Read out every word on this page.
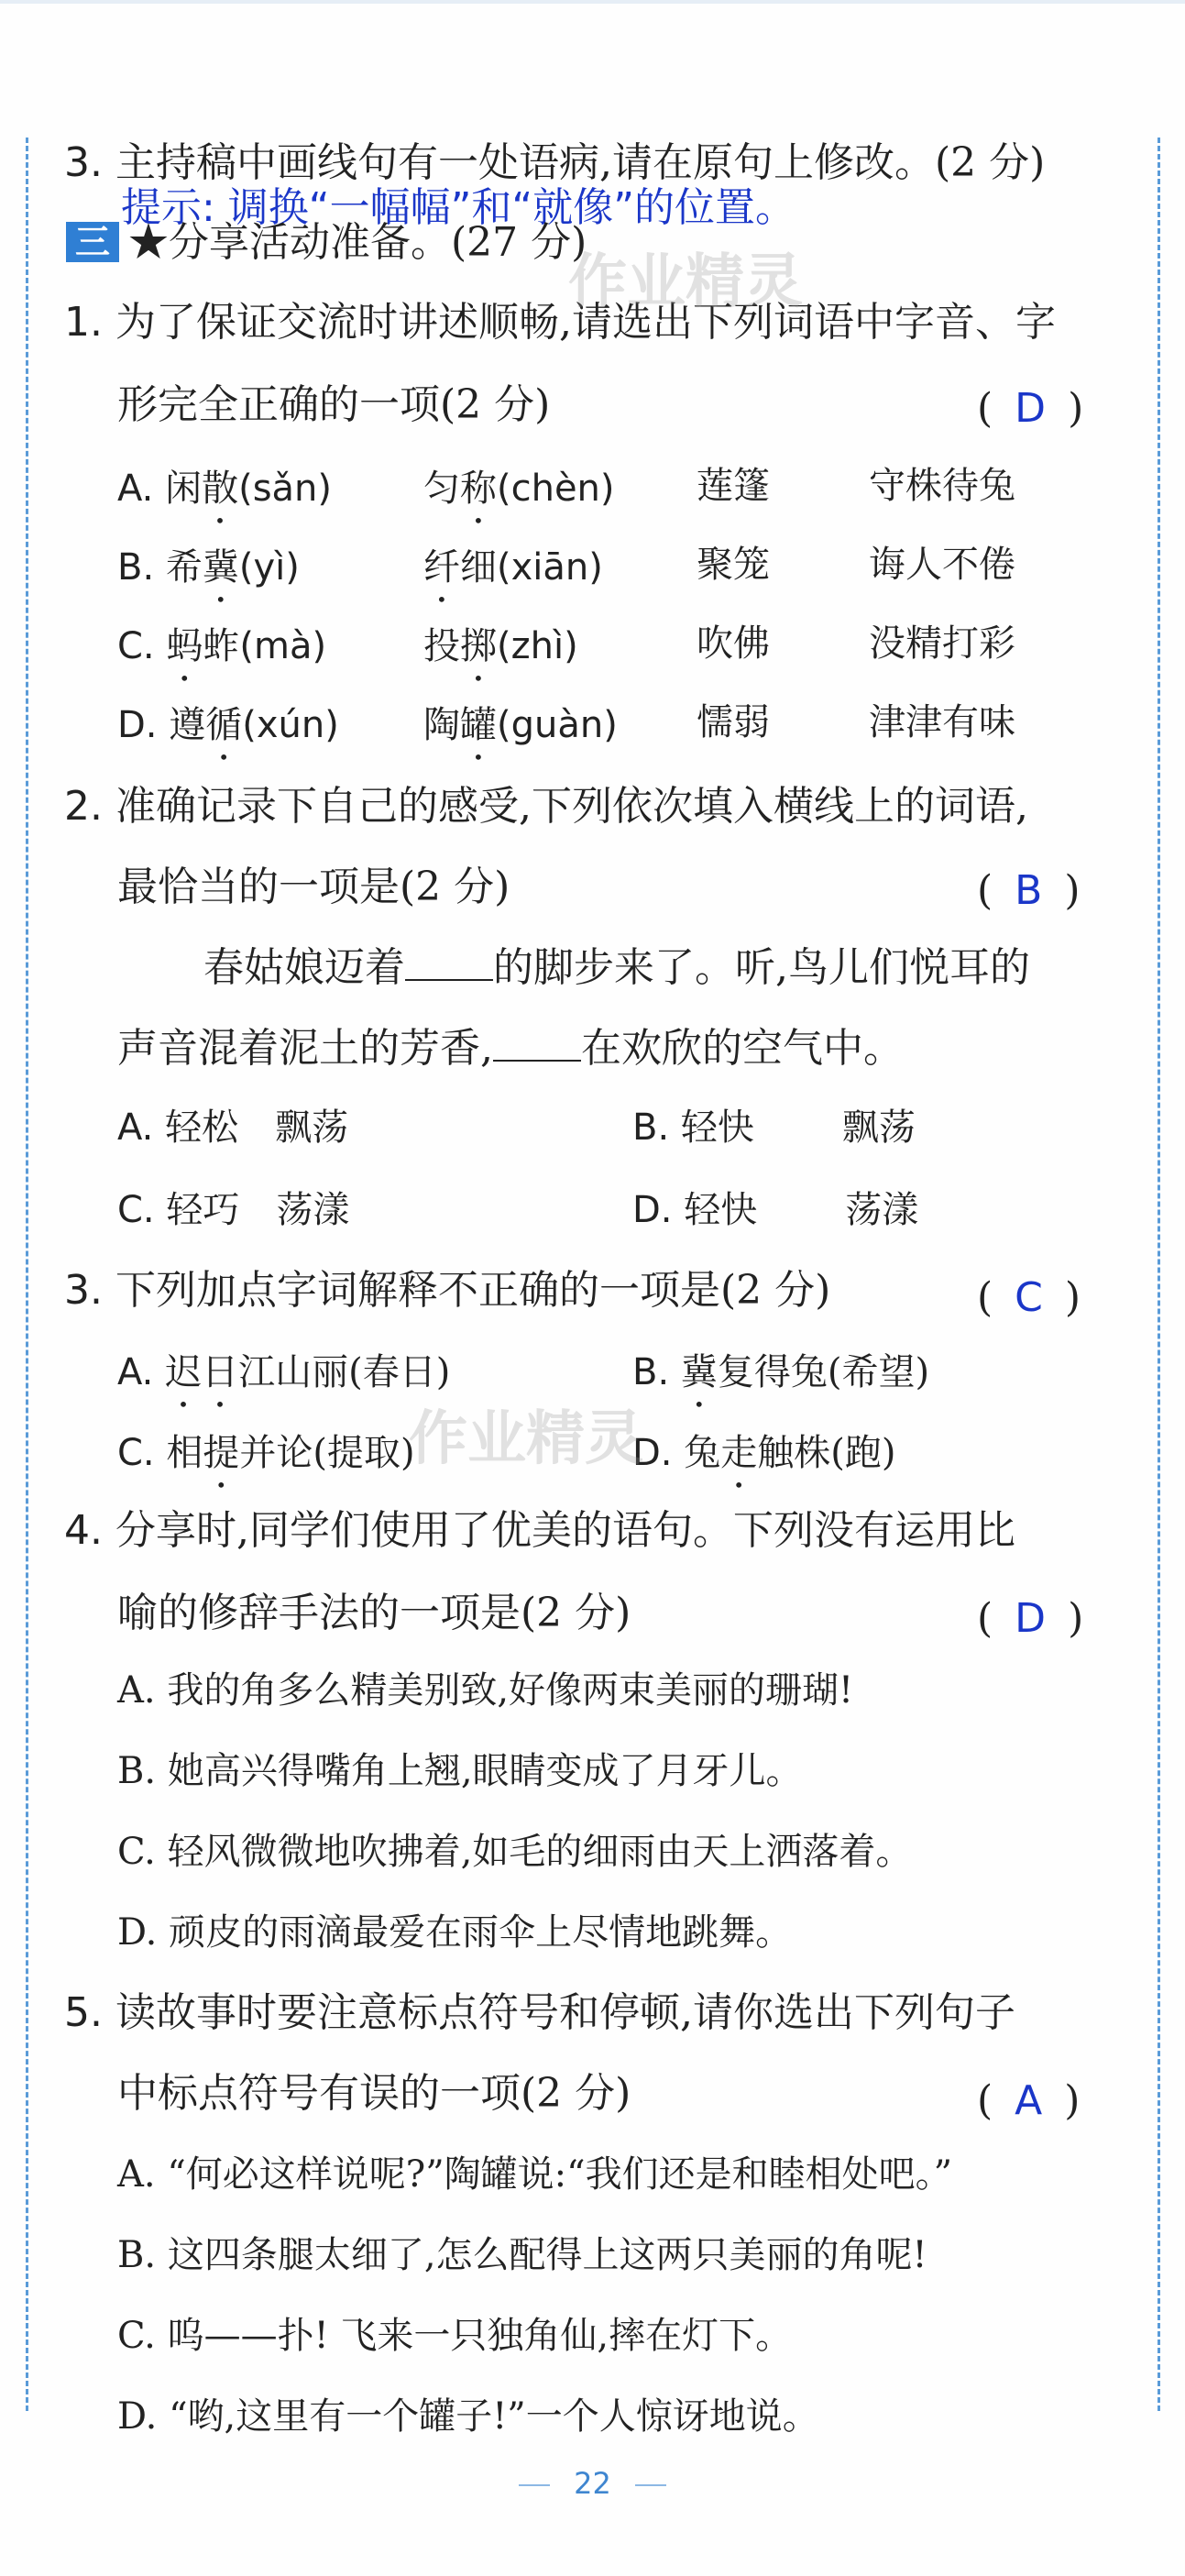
3. 主持稿中画线句有一处语病,请在原句上修改。(2 分)
提示: 调换“一幅幅”和“就像”的位置。
三 ★分享活动准备。(27 分)
1. 为了保证交流时讲述顺畅,请选出下列词语中字音、字
形完全正确的一项(2 分)	( D )
A. 闲散(sǎn) 匀称(chèn) 莲篷	守株待兔
B. 希冀(yì)	纤细(xiān)	聚笼	诲人不倦
C. 蚂蚱(mà)	投掷(zhì)	吹佛	没精打彩
D. 遵循(xún) 陶罐(guàn) 懦弱	津津有味
2. 准确记录下自己的感受,下列依次填入横线上的词语,
最恰当的一项是(2 分)	( B )
春姑娘迈着 的脚步来了。听,鸟儿们悦耳的
声音混着泥土的芳香, 在欢欣的空气中。
A. 轻松 飘荡	B. 轻快 飘荡
C. 轻巧 荡漾	D. 轻快 荡漾
3. 下列加点字词解释不正确的一项是(2 分)	( C )
A. 迟日江山丽(春日)	B. 冀复得兔(希望)
C. 相提并论(提取)	D. 兔走触株(跑)
4. 分享时,同学们使用了优美的语句。下列没有运用比
喻的修辞手法的一项是(2 分)	( D )
A. 我的角多么精美别致,好像两束美丽的珊瑚!
B. 她高兴得嘴角上翘,眼睛变成了月牙儿。
C. 轻风微微地吹拂着,如毛的细雨由天上洒落着。
D. 顽皮的雨滴最爱在雨伞上尽情地跳舞。
5. 读故事时要注意标点符号和停顿,请你选出下列句子
中标点符号有误的一项(2 分)	( A )
A. “何必这样说呢?”陶罐说:“我们还是和睦相处吧。”
B. 这四条腿太细了,怎么配得上这两只美丽的角呢!
C. 呜——扑! 飞来一只独角仙,摔在灯下。
D. “哟,这里有一个罐子!”一个人惊讶地说。
作业精灵
作业精灵
22
